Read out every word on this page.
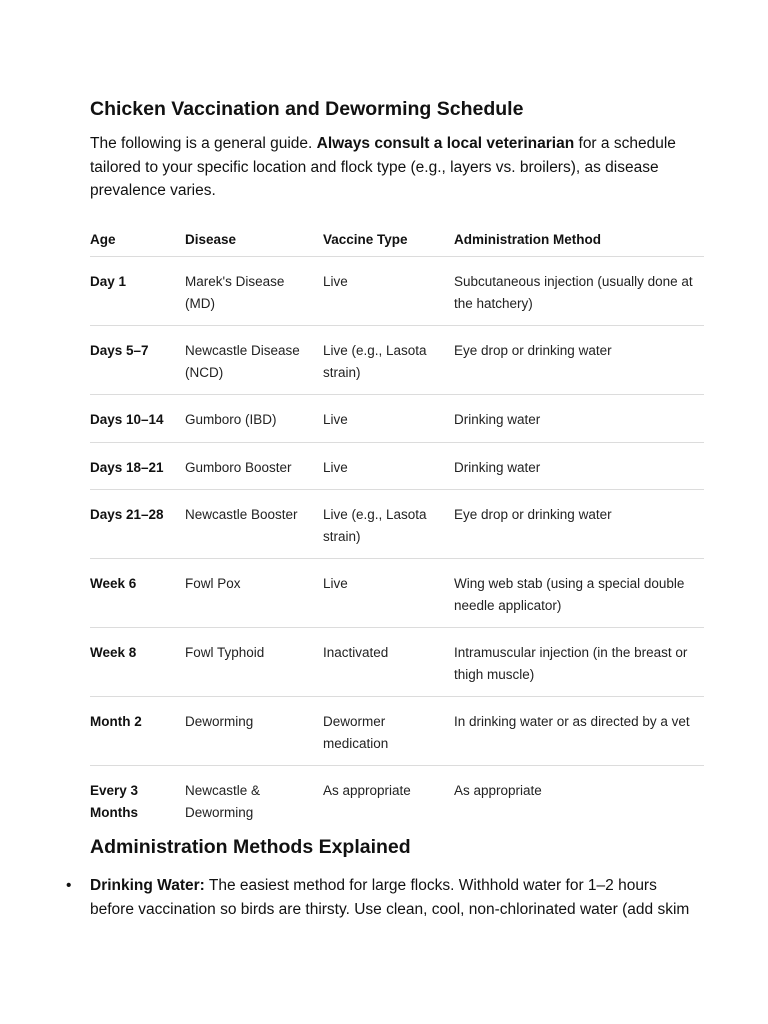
Chicken Vaccination and Deworming Schedule

The following is a general guide. Always consult a local veterinarian for a schedule tailored to your specific location and flock type (e.g., layers vs. broilers), as disease prevalence varies.

Age	Disease	Vaccine Type	Administration Method
Day 1	Marek's Disease (MD)	Live	Subcutaneous injection (usually done at the hatchery)
Days 5–7	Newcastle Disease (NCD)	Live (e.g., Lasota strain)	Eye drop or drinking water
Days 10–14	Gumboro (IBD)	Live	Drinking water
Days 18–21	Gumboro Booster	Live	Drinking water
Days 21–28	Newcastle Booster	Live (e.g., Lasota strain)	Eye drop or drinking water
Week 6	Fowl Pox	Live	Wing web stab (using a special double needle applicator)
Week 8	Fowl Typhoid	Inactivated	Intramuscular injection (in the breast or thigh muscle)
Month 2	Deworming	Dewormer medication	In drinking water or as directed by a vet
Every 3 Months	Newcastle & Deworming	As appropriate	As appropriate
Administration Methods Explained
• Drinking Water: The easiest method for large flocks. Withhold water for 1–2 hours before vaccination so birds are thirsty. Use clean, cool, non-chlorinated water (add skim
